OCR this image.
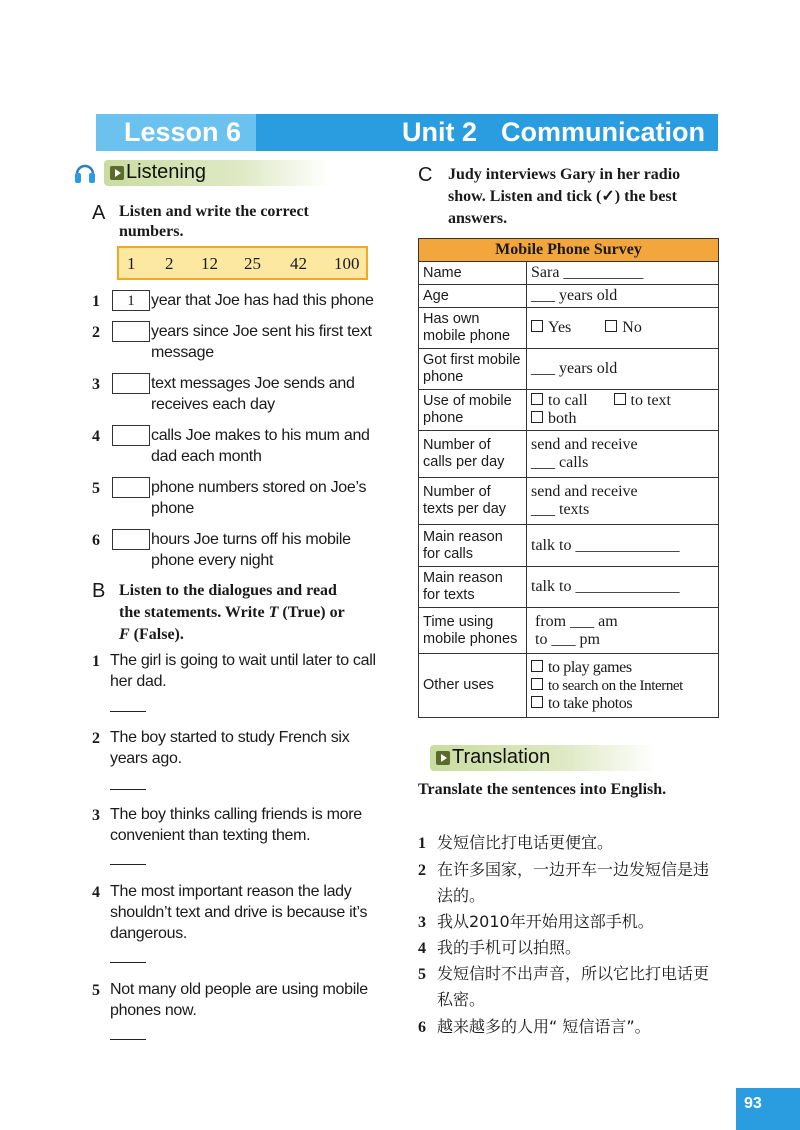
Lesson 6	Unit 2 Communication
Listening
A Listen and write the correct numbers.
1 2 12 25 42 100
1	1	year that Joe has had this phone
2	years since Joe sent his first text message
3	text messages Joe sends and receives each day
4	calls Joe makes to his mum and dad each month
5	phone numbers stored on Joe’s phone
6	hours Joe turns off his mobile phone every night
B Listen to the dialogues and read
the statements. Write T (True) or
F (False).
1 The girl is going to wait until later to call her dad.
2 The boy started to study French six years ago.
3 The boy thinks calling friends is more convenient than texting them.
4 The most important reason the lady shouldn’t text and drive is because it’s dangerous.
5 Not many old people are using mobile phones now.
C Judy interviews Gary in her radio show. Listen and tick (✓) the best answers.
Mobile Phone Survey	
Name	Sara __________
Age	___ years old
Has own mobile phone	Yes No
Got first mobile phone	___ years old
Use of mobile phone	to call to text
both
Number of calls per day	send and receive
___ calls
Number of texts per day	send and receive
___ texts
Main reason for calls	talk to _____________
Main reason for texts	talk to _____________
Time using mobile phones	from ___ am
to ___ pm
Other uses	to play games
to search on the Internet
to take photos
Translation
Translate the sentences into English.
1 发短信比打电话更便宜。
2 在许多国家，一边开车一边发短信是违法的。
3 我从2010年开始用这部手机。
4 我的手机可以拍照。
5 发短信时不出声音，所以它比打电话更私密。
6 越来越多的人用“ 短信语言”。
93
